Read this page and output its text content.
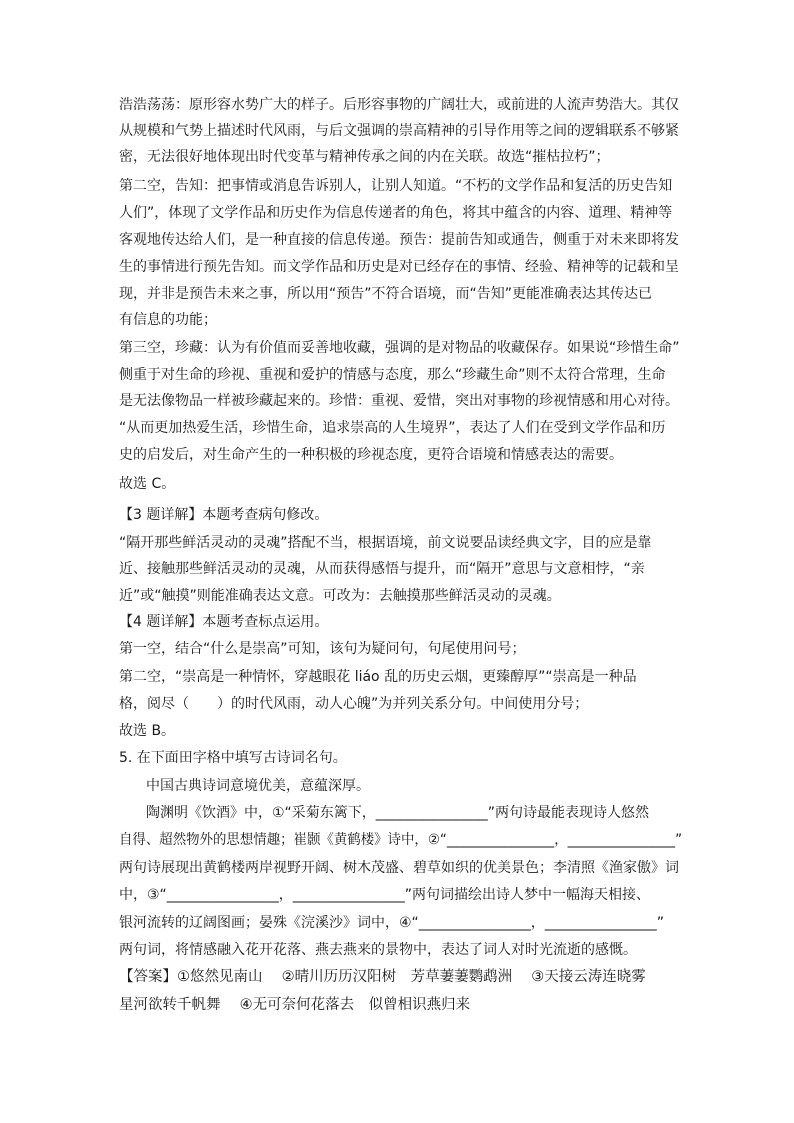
浩浩荡荡：原形容水势广大的样子。后形容事物的广阔壮大，或前进的人流声势浩大。其仅
从规模和气势上描述时代风雨，与后文强调的崇高精神的引导作用等之间的逻辑联系不够紧
密，无法很好地体现出时代变革与精神传承之间的内在关联。故选“摧枯拉朽”；
第二空，告知：把事情或消息告诉别人，让别人知道。“不朽的文学作品和复活的历史告知
人们”，体现了文学作品和历史作为信息传递者的角色，将其中蕴含的内容、道理、精神等
客观地传达给人们，是一种直接的信息传递。预告：提前告知或通告，侧重于对未来即将发
生的事情进行预先告知。而文学作品和历史是对已经存在的事情、经验、精神等的记载和呈
现，并非是预告未来之事，所以用“预告”不符合语境，而“告知”更能准确表达其传达已
有信息的功能；
第三空，珍藏：认为有价值而妥善地收藏，强调的是对物品的收藏保存。如果说“珍惜生命”
侧重于对生命的珍视、重视和爱护的情感与态度，那么“珍藏生命”则不太符合常理，生命
是无法像物品一样被珍藏起来的。珍惜：重视、爱惜，突出对事物的珍视情感和用心对待。
“从而更加热爱生活，珍惜生命，追求崇高的人生境界”，表达了人们在受到文学作品和历
史的启发后，对生命产生的一种积极的珍视态度，更符合语境和情感表达的需要。
故选 C。
【3 题详解】本题考查病句修改。
“隔开那些鲜活灵动的灵魂”搭配不当，根据语境，前文说要品读经典文字，目的应是靠
近、接触那些鲜活灵动的灵魂，从而获得感悟与提升，而“隔开”意思与文意相悖，“亲
近”或“触摸”则能准确表达文意。可改为：去触摸那些鲜活灵动的灵魂。
【4 题详解】本题考查标点运用。
第一空，结合“什么是崇高”可知，该句为疑问句，句尾使用问号；
第二空，“崇高是一种情怀，穿越眼花 liáo 乱的历史云烟，更臻醇厚”“崇高是一种品
格，阅尽（　　）的时代风雨，动人心魄”为并列关系分句。中间使用分号；
故选 B。
5. 在下面田字格中填写古诗词名句。
中国古典诗词意境优美，意蕴深厚。
陶渊明《饮酒》中，①“采菊东篱下，________________”两句诗最能表现诗人悠然
自得、超然物外的思想情趣；崔颢《黄鹤楼》诗中，②“________________，________________”
两句诗展现出黄鹤楼两岸视野开阔、树木茂盛、碧草如织的优美景色；李清照《渔家傲》词
中，③“________________，________________”两句词描绘出诗人梦中一幅海天相接、
银河流转的辽阔图画；晏殊《浣溪沙》词中，④“________________，________________”
两句词，将情感融入花开花落、燕去燕来的景物中，表达了词人对时光流逝的感慨。
【答案】①悠然见南山　 ②晴川历历汉阳树　芳草萋萋鹦鹉洲　 ③天接云涛连晓雾
星河欲转千帆舞　 ④无可奈何花落去　似曾相识燕归来
